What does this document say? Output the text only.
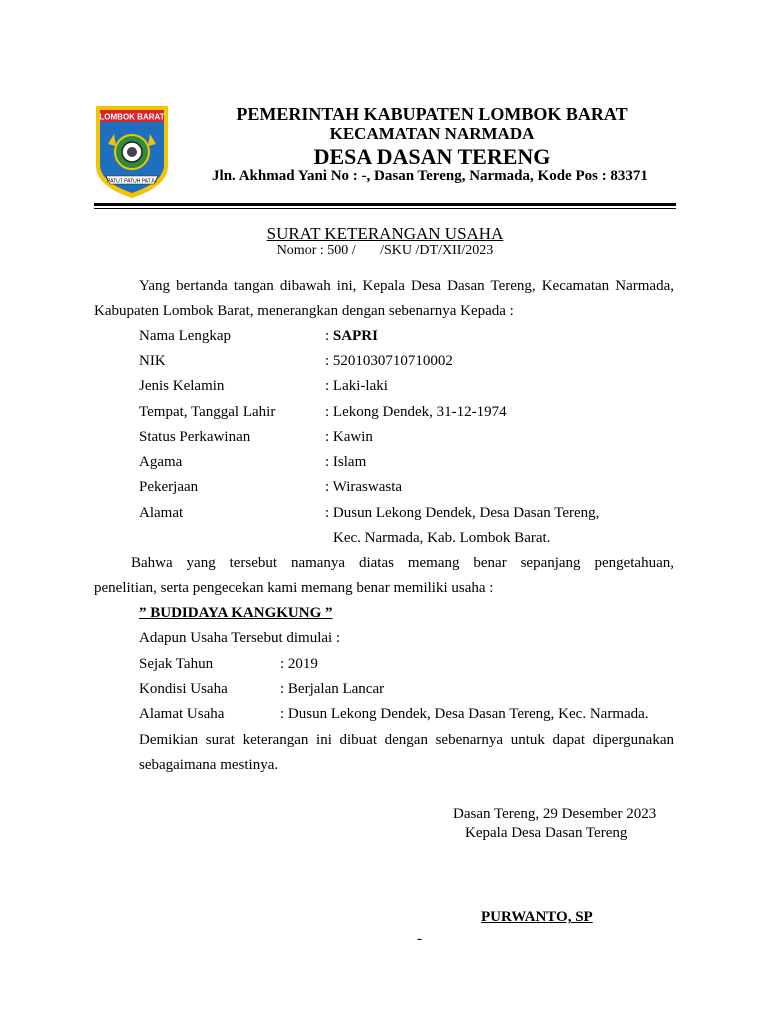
LOMBOK BARAT
PATUT PATUH PATJU
PEMERINTAH KABUPATEN LOMBOK BARAT
KECAMATAN NARMADA
DESA DASAN TERENG
Jln. Akhmad Yani No : -, Dasan Tereng, Narmada, Kode Pos : 83371
SURAT KETERANGAN USAHA
Nomor : 500 /       /SKU /DT/XII/2023
Yang bertanda tangan dibawah ini, Kepala Desa Dasan Tereng, Kecamatan Narmada,
Kabupaten Lombok Barat, menerangkan dengan sebenarnya Kepada :
Nama Lengkap	: SAPRI
NIK	: 5201030710710002
Jenis Kelamin	: Laki-laki
Tempat, Tanggal Lahir	: Lekong Dendek, 31-12-1974
Status Perkawinan	: Kawin
Agama	: Islam
Pekerjaan	: Wiraswasta
Alamat	: Dusun Lekong Dendek, Desa Dasan Tereng,
Kec. Narmada, Kab. Lombok Barat.
Bahwa yang tersebut namanya diatas memang benar sepanjang pengetahuan,
penelitian, serta pengecekan kami memang benar memiliki usaha :
” BUDIDAYA KANGKUNG ”
Adapun Usaha Tersebut dimulai :
Sejak Tahun	: 2019
Kondisi Usaha	: Berjalan Lancar
Alamat Usaha	: Dusun Lekong Dendek, Desa Dasan Tereng, Kec. Narmada.
Demikian surat keterangan ini dibuat dengan sebenarnya untuk dapat dipergunakan
sebagaimana mestinya.
Dasan Tereng, 29 Desember 2023
Kepala Desa Dasan Tereng
PURWANTO, SP
-
